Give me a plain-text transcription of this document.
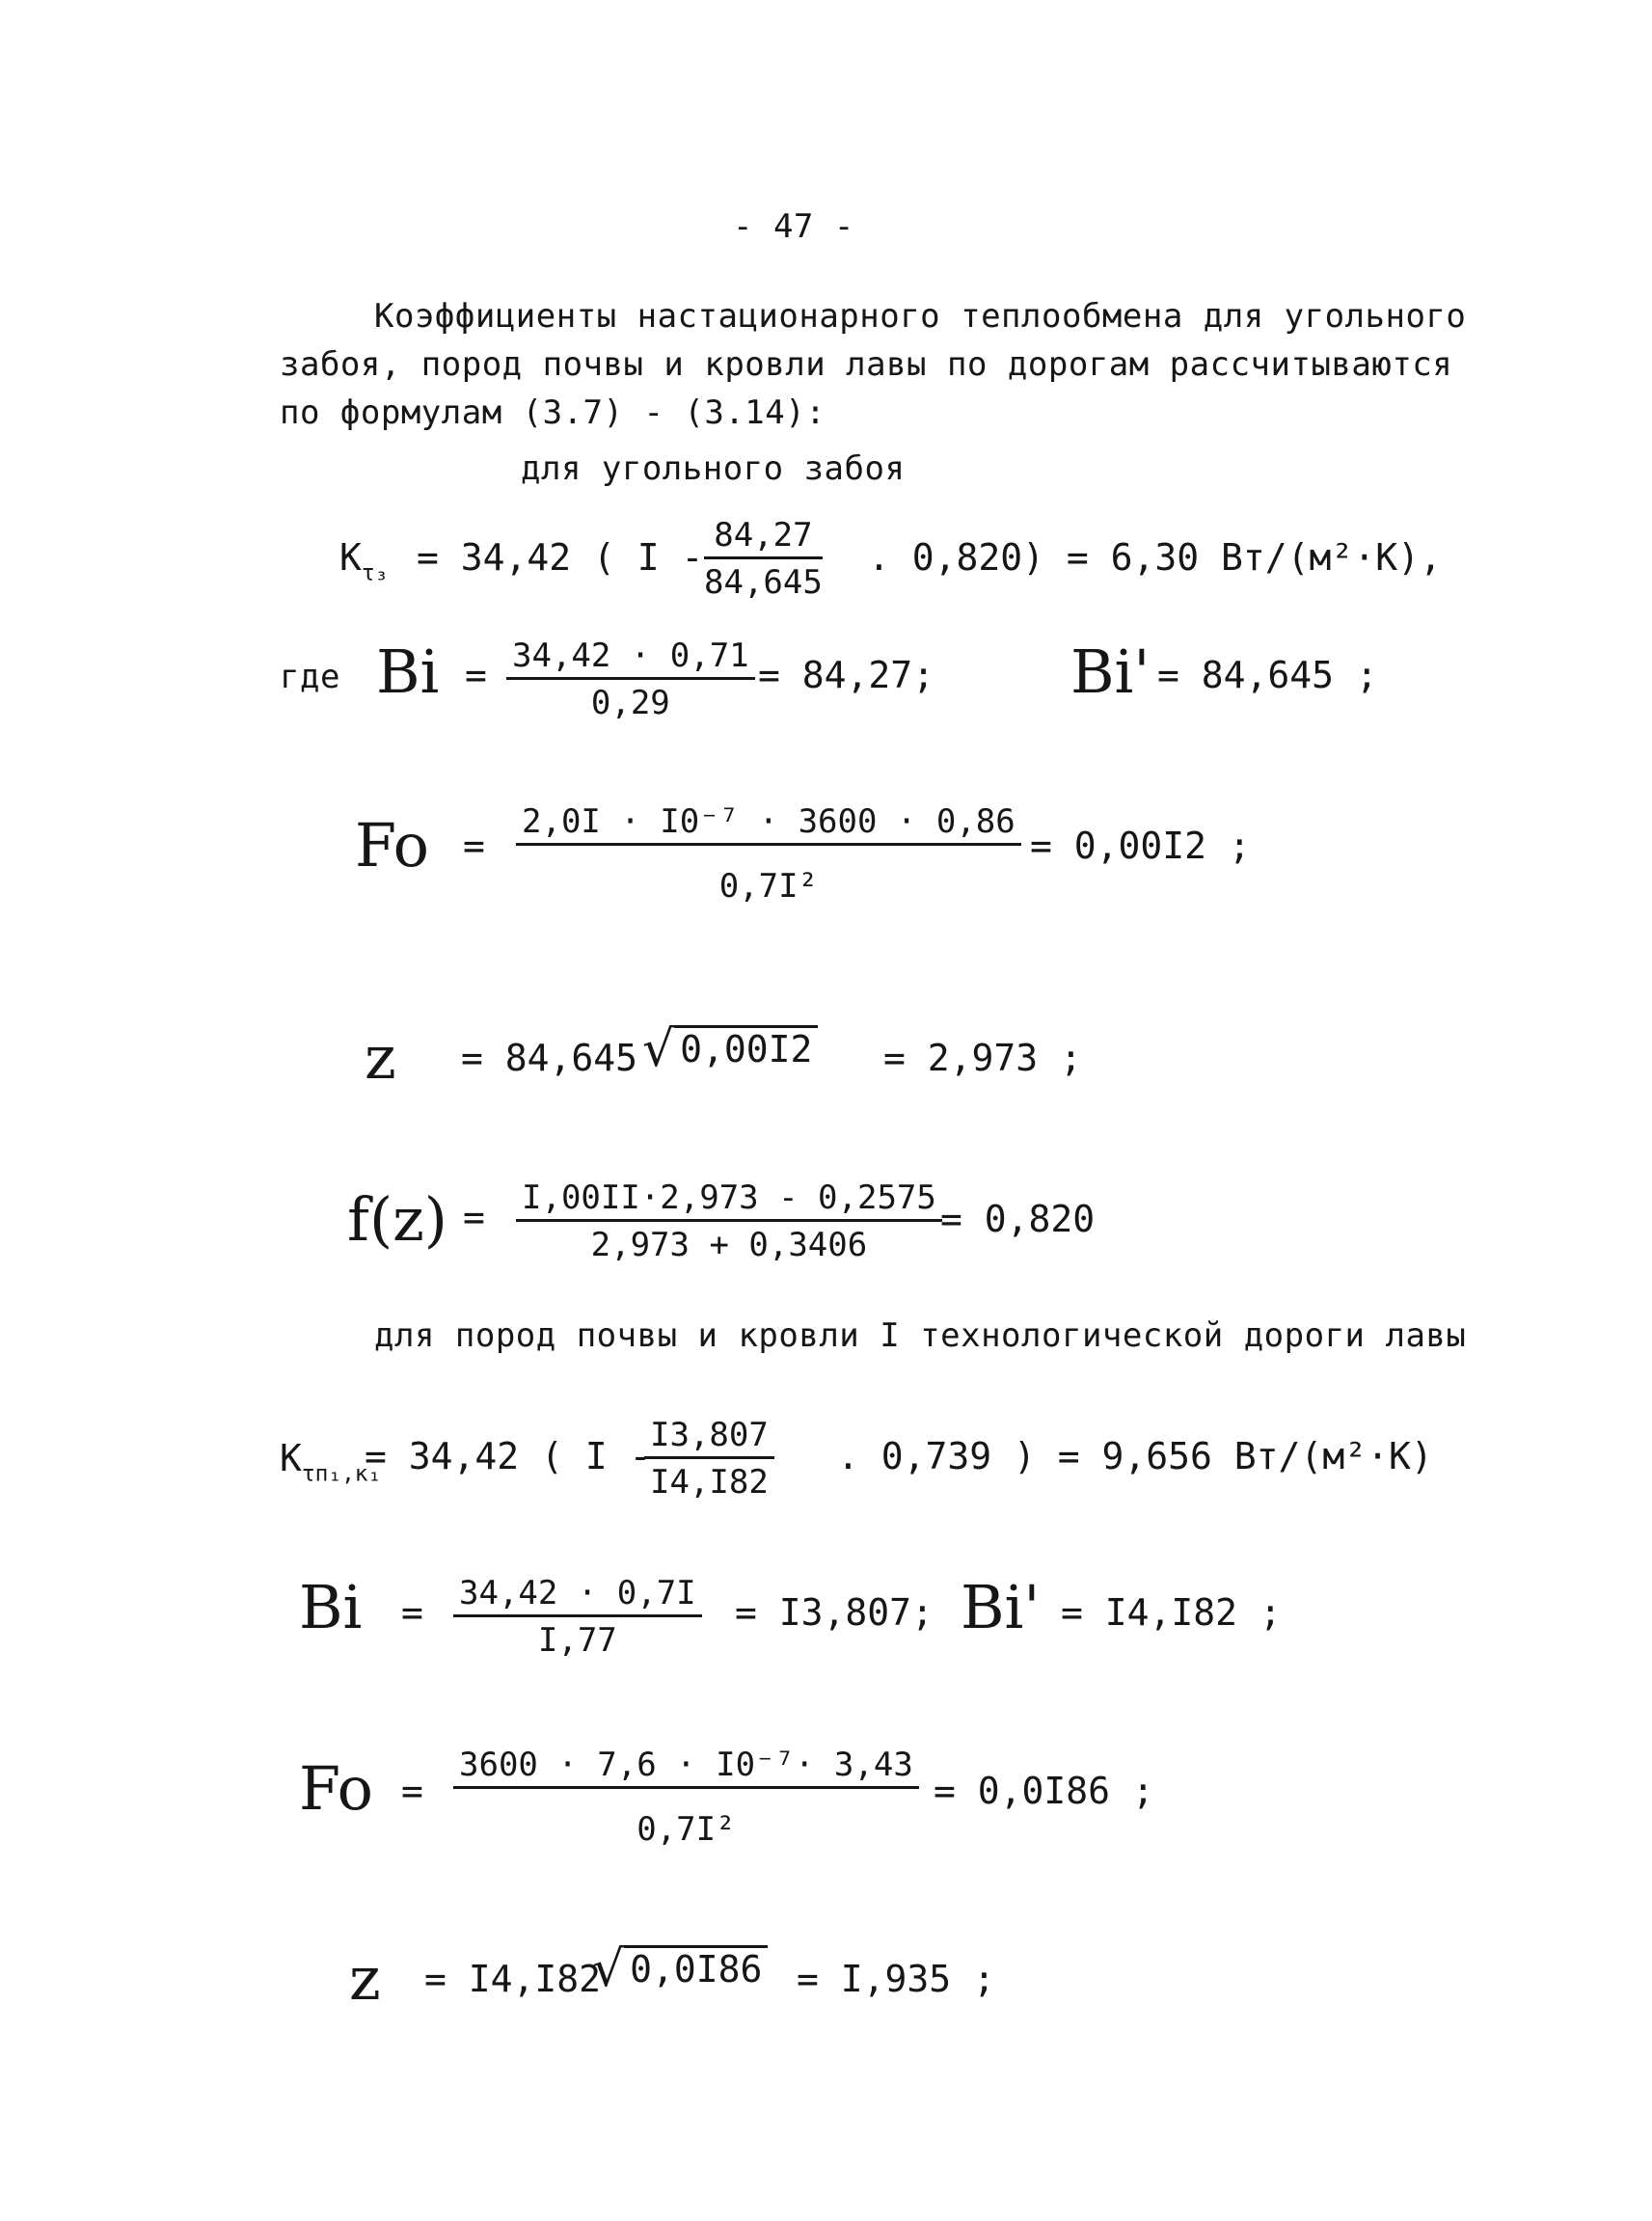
- 47 -
Коэффициенты настационарного теплообмена для угольного
забоя, пород почвы и кровли лавы по дорогам рассчитываются
по формулам (3.7) - (3.14):
для угольного забоя
$K_{\tau_3} = 34,42$ ( I - $\frac{84,27}{84,645}$ . 0,820) = 6,30 Вт/(м²·К),
где $Bi = \frac{34,42 \cdot 0,71}{0,29} = 84,27$; Bi' = 84,645 ;
$Fo = \frac{\text{2,0I · I0⁻⁷ · 3600 · 0,86}}{\text{0,7I²}} = 0,00I2$ ;
z = 84,645 √ 0,00I2 = 2,973 ;
$f(z) = \frac{I,00II\cdot 2,973 - 0,2575}{2,973 + 0,3406}$
= 0,820
для пород почвы и кровли I технологической дороги лавы
$K_{\tau п_1,к_1}$
= 34,42 ( I -
$\frac{I3,807}{I4,I82}$ . 0,739 ) = 9,656 Вт/(м²·К)
$Bi = \frac{34,42 \cdot 0,7I}{I,77} = I3,807$; Bi' = I4,I82 ;
$Fo = \frac{\text{3600 · 7,6 · I0⁻⁷· 3,43}}{\text{0,7I²}} = 0,0I86$ ;
z = I4,I82
√ 0,0I86 = I,935 ;
